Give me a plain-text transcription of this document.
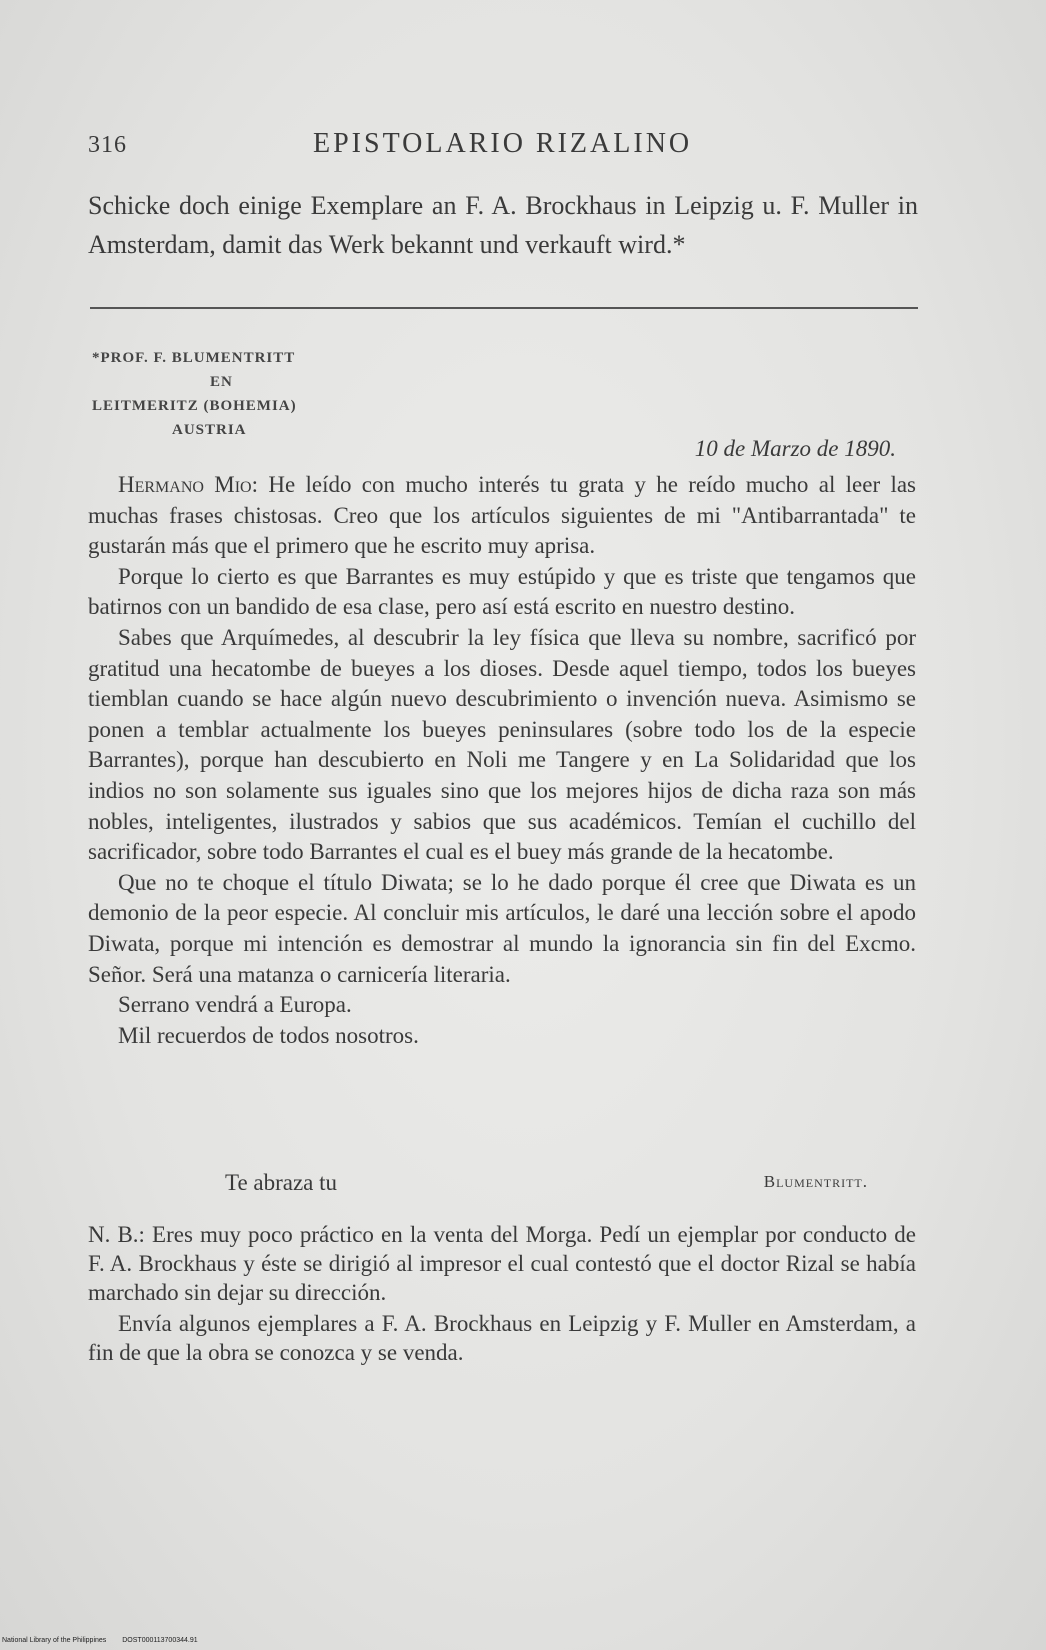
316	EPISTOLARIO RIZALINO
Schicke doch einige Exemplare an F. A. Brockhaus in Leipzig u. F. Muller in Amsterdam, damit das Werk bekannt und verkauft wird.*
*PROF. F. BLUMENTRITT
EN
LEITMERITZ (BOHEMIA)
AUSTRIA
10 de Marzo de 1890.

Hermano Mio: He leído con mucho interés tu grata y he reído mucho al leer las muchas frases chistosas. Creo que los artículos siguientes de mi "Antibarrantada" te gustarán más que el primero que he escrito muy aprisa.

Porque lo cierto es que Barrantes es muy estúpido y que es triste que tengamos que batirnos con un bandido de esa clase, pero así está escrito en nuestro destino.

Sabes que Arquímedes, al descubrir la ley física que lleva su nombre, sacrificó por gratitud una hecatombe de bueyes a los dioses. Desde aquel tiempo, todos los bueyes tiemblan cuando se hace algún nuevo descubrimiento o invención nueva. Asimismo se ponen a temblar actualmente los bueyes peninsulares (sobre todo los de la especie Barrantes), porque han descubierto en Noli me Tangere y en La Solidaridad que los indios no son solamente sus iguales sino que los mejores hijos de dicha raza son más nobles, inteligentes, ilustrados y sabios que sus académicos. Temían el cuchillo del sacrificador, sobre todo Barrantes el cual es el buey más grande de la hecatombe.

Que no te choque el título Diwata; se lo he dado porque él cree que Diwata es un demonio de la peor especie. Al concluir mis artículos, le daré una lección sobre el apodo Diwata, porque mi intención es demostrar al mundo la ignorancia sin fin del Excmo. Señor. Será una matanza o carnicería literaria.

Serrano vendrá a Europa.

Mil recuerdos de todos nosotros.

Te abraza tu	Blumentritt.

N. B.: Eres muy poco práctico en la venta del Morga. Pedí un ejemplar por conducto de F. A. Brockhaus y éste se dirigió al impresor el cual contestó que el doctor Rizal se había marchado sin dejar su dirección.

Envía algunos ejemplares a F. A. Brockhaus en Leipzig y F. Muller en Amsterdam, a fin de que la obra se conozca y se venda.

National Library of the Philippines DOST000113700344.91
